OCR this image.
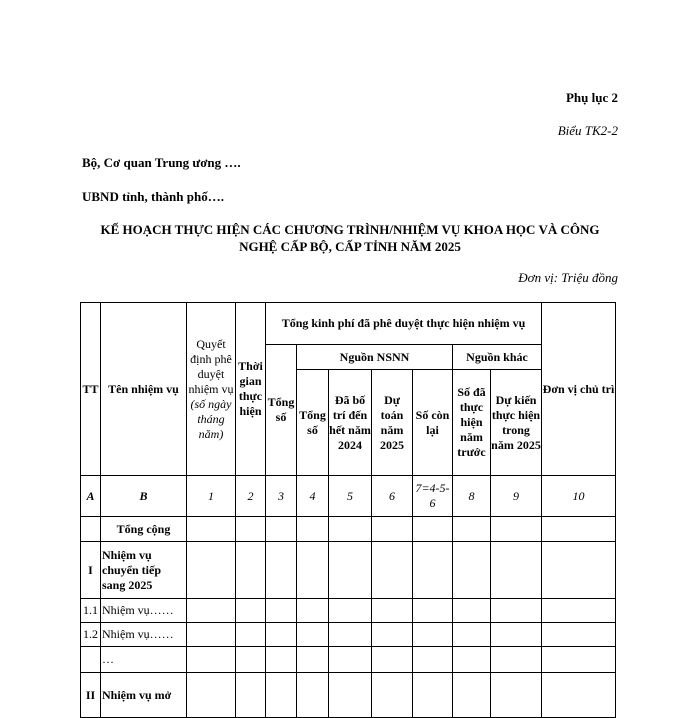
Phụ lục 2
Biểu TK2-2
Bộ, Cơ quan Trung ương ….
UBND tỉnh, thành phố….
KẾ HOẠCH THỰC HIỆN CÁC CHƯƠNG TRÌNH/NHIỆM VỤ KHOA HỌC VÀ CÔNG
NGHỆ CẤP BỘ, CẤP TỈNH NĂM 2025
Đơn vị: Triệu đồng
TT	Tên nhiệm vụ	Quyết định phê duyệt nhiệm vụ (số ngày tháng năm)	Thời gian thực hiện	Tổng kinh phí đã phê duyệt thực hiện nhiệm vụ							Đơn vị chủ trì
				Tổng số	Nguồn NSNN				Nguồn khác		
					Tổng số	Đã bố trí đến hết năm 2024	Dự toán năm 2025	Số còn lại	Số đã thực hiện năm trước	Dự kiến thực hiện trong năm 2025	

A	B	1	2	3	4	5	6	7=4-5-6	8	9	10
	Tổng cộng										
I	Nhiệm vụ chuyển tiếp sang 2025										
1.1	Nhiệm vụ……										
1.2	Nhiệm vụ……										
	…										
II	Nhiệm vụ mở										
